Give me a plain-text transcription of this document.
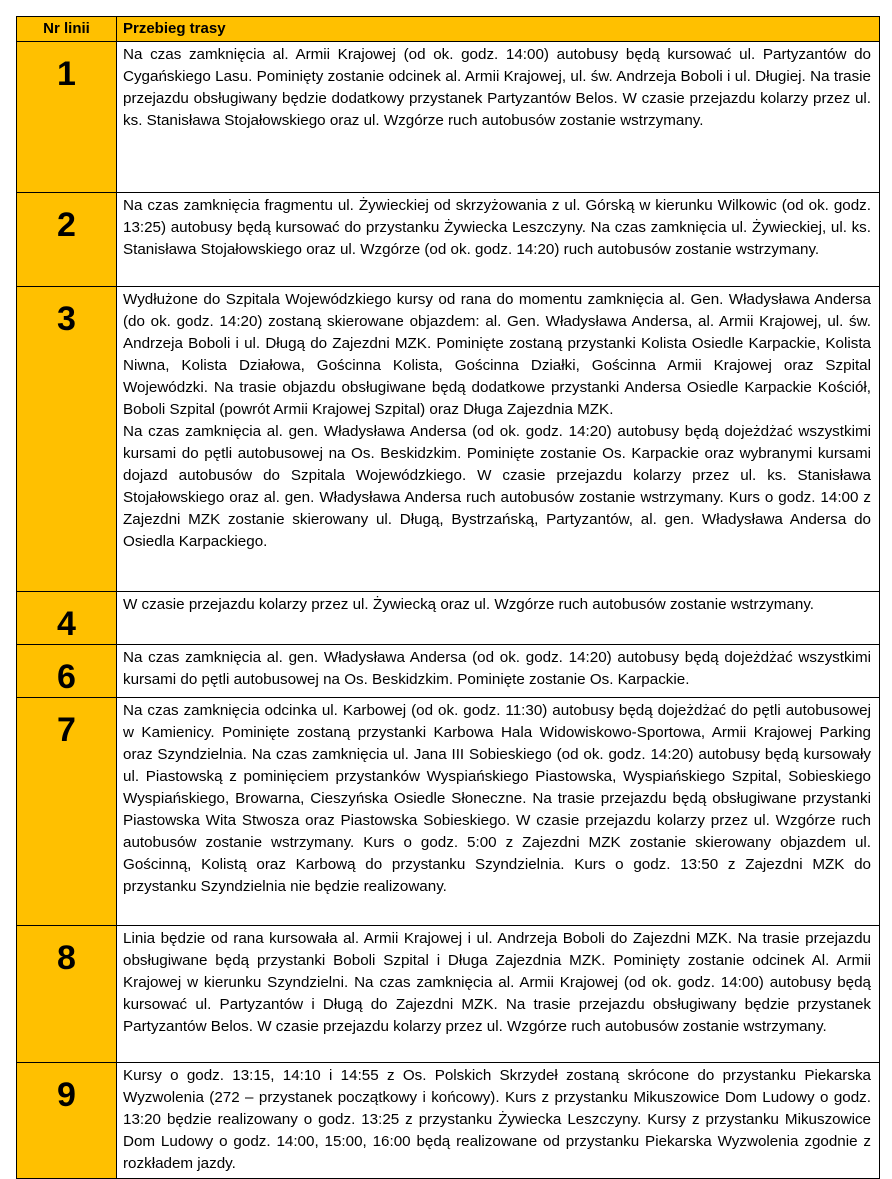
Nr linii	Przebieg trasy
1	Na czas zamknięcia al. Armii Krajowej (od ok. godz. 14:00) autobusy będą kursować ul. Partyzantów do Cygańskiego Lasu. Pominięty zostanie odcinek al. Armii Krajowej, ul. św. Andrzeja Boboli i ul. Długiej. Na trasie przejazdu obsługiwany będzie dodatkowy przystanek Partyzantów Belos. W czasie przejazdu kolarzy przez ul. ks. Stanisława Stojałowskiego oraz ul. Wzgórze ruch autobusów zostanie wstrzymany.

2	Na czas zamknięcia fragmentu ul. Żywieckiej od skrzyżowania z ul. Górską w kierunku Wilkowic (od ok. godz. 13:25) autobusy będą kursować do przystanku Żywiecka Leszczyny. Na czas zamknięcia ul. Żywieckiej, ul. ks. Stanisława Stojałowskiego oraz ul. Wzgórze (od ok. godz. 14:20) ruch autobusów zostanie wstrzymany.

3	Wydłużone do Szpitala Wojewódzkiego kursy od rana do momentu zamknięcia al. Gen. Władysława Andersa (do ok. godz. 14:20) zostaną skierowane objazdem: al. Gen. Władysława Andersa, al. Armii Krajowej, ul. św. Andrzeja Boboli i ul. Długą do Zajezdni MZK. Pominięte zostaną przystanki Kolista Osiedle Karpackie, Kolista Niwna, Kolista Działowa, Gościnna Kolista, Gościnna Działki, Gościnna Armii Krajowej oraz Szpital Wojewódzki. Na trasie objazdu obsługiwane będą dodatkowe przystanki Andersa Osiedle Karpackie Kościół, Boboli Szpital (powrót Armii Krajowej Szpital) oraz Długa Zajezdnia MZK.

Na czas zamknięcia al. gen. Władysława Andersa (od ok. godz. 14:20) autobusy będą dojeżdżać wszystkimi kursami do pętli autobusowej na Os. Beskidzkim. Pominięte zostanie Os. Karpackie oraz wybranymi kursami dojazd autobusów do Szpitala Wojewódzkiego. W czasie przejazdu kolarzy przez ul. ks. Stanisława Stojałowskiego oraz al. gen. Władysława Andersa ruch autobusów zostanie wstrzymany. Kurs o godz. 14:00 z Zajezdni MZK zostanie skierowany ul. Długą, Bystrzańską, Partyzantów, al. gen. Władysława Andersa do Osiedla Karpackiego.

4	W czasie przejazdu kolarzy przez ul. Żywiecką oraz ul. Wzgórze ruch autobusów zostanie wstrzymany.

6	Na czas zamknięcia al. gen. Władysława Andersa (od ok. godz. 14:20) autobusy będą dojeżdżać wszystkimi kursami do pętli autobusowej na Os. Beskidzkim. Pominięte zostanie Os. Karpackie.

7	Na czas zamknięcia odcinka ul. Karbowej (od ok. godz. 11:30) autobusy będą dojeżdżać do pętli autobusowej w Kamienicy. Pominięte zostaną przystanki Karbowa Hala Widowiskowo-Sportowa, Armii Krajowej Parking oraz Szyndzielnia. Na czas zamknięcia ul. Jana III Sobieskiego (od ok. godz. 14:20) autobusy będą kursowały ul. Piastowską z pominięciem przystanków Wyspiańskiego Piastowska, Wyspiańskiego Szpital, Sobieskiego Wyspiańskiego, Browarna, Cieszyńska Osiedle Słoneczne. Na trasie przejazdu będą obsługiwane przystanki Piastowska Wita Stwosza oraz Piastowska Sobieskiego. W czasie przejazdu kolarzy przez ul. Wzgórze ruch autobusów zostanie wstrzymany. Kurs o godz. 5:00 z Zajezdni MZK zostanie skierowany objazdem ul. Gościnną, Kolistą oraz Karbową do przystanku Szyndzielnia. Kurs o godz. 13:50 z Zajezdni MZK do przystanku Szyndzielnia nie będzie realizowany.

8	Linia będzie od rana kursowała al. Armii Krajowej i ul. Andrzeja Boboli do Zajezdni MZK. Na trasie przejazdu obsługiwane będą przystanki Boboli Szpital i Długa Zajezdnia MZK. Pominięty zostanie odcinek Al. Armii Krajowej w kierunku Szyndzielni. Na czas zamknięcia al. Armii Krajowej (od ok. godz. 14:00) autobusy będą kursować ul. Partyzantów i Długą do Zajezdni MZK. Na trasie przejazdu obsługiwany będzie przystanek Partyzantów Belos. W czasie przejazdu kolarzy przez ul. Wzgórze ruch autobusów zostanie wstrzymany.

9	Kursy o godz. 13:15, 14:10 i 14:55 z Os. Polskich Skrzydeł zostaną skrócone do przystanku Piekarska Wyzwolenia (272 – przystanek początkowy i końcowy). Kurs z przystanku Mikuszowice Dom Ludowy o godz. 13:20 będzie realizowany o godz. 13:25 z przystanku Żywiecka Leszczyny. Kursy z przystanku Mikuszowice Dom Ludowy o godz. 14:00, 15:00, 16:00 będą realizowane od przystanku Piekarska Wyzwolenia zgodnie z rozkładem jazdy.
